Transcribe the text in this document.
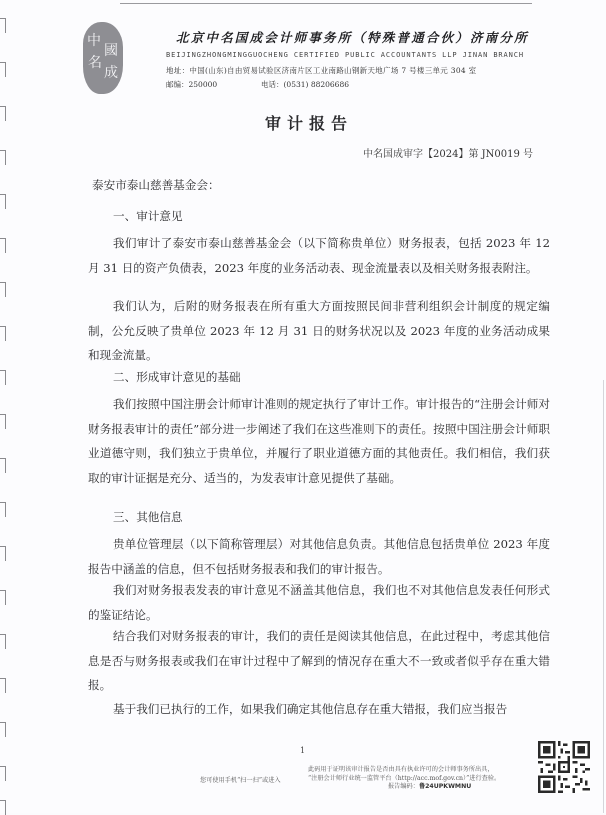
中
名
國
成
北京中名国成会计师事务所（特殊普通合伙）济南分所
BEIJINGZHONGMINGGUOCHENG CERTIFIED PUBLIC ACCOUNTANTS LLP JINAN BRANCH
地址：中国(山东)自由贸易试验区济南片区工业南路山钢新天地广场 7 号楼三单元 304 室
邮编：250000	电话：(0531) 88206686
审计报告
中名国成审字【2024】第 JN0019 号
泰安市泰山慈善基金会：
一、审计意见
我们审计了泰安市泰山慈善基金会（以下简称贵单位）财务报表，包括 2023 年 12 月 31 日的资产负债表，2023 年度的业务活动表、现金流量表以及相关财务报表附注。
我们认为，后附的财务报表在所有重大方面按照民间非营利组织会计制度的规定编制，公允反映了贵单位 2023 年 12 月 31 日的财务状况以及 2023 年度的业务活动成果和现金流量。
二、形成审计意见的基础
我们按照中国注册会计师审计准则的规定执行了审计工作。审计报告的“注册会计师对财务报表审计的责任”部分进一步阐述了我们在这些准则下的责任。按照中国注册会计师职业道德守则，我们独立于贵单位，并履行了职业道德方面的其他责任。我们相信，我们获取的审计证据是充分、适当的，为发表审计意见提供了基础。
三、其他信息
贵单位管理层（以下简称管理层）对其他信息负责。其他信息包括贵单位 2023 年度报告中涵盖的信息，但不包括财务报表和我们的审计报告。
我们对财务报表发表的审计意见不涵盖其他信息，我们也不对其他信息发表任何形式的鉴证结论。
结合我们对财务报表的审计，我们的责任是阅读其他信息，在此过程中，考虑其他信息是否与财务报表或我们在审计过程中了解到的情况存在重大不一致或者似乎存在重大错报。
基于我们已执行的工作，如果我们确定其他信息存在重大错报，我们应当报告
1
您可使用手机“扫一扫”或进入
此码用于证明该审计报告是否由具有执业许可的会计师事务所出具，
“注册会计师行业统一监管平台（http://acc.mof.gov.cn）”进行查验。
报告编码：鲁24UPKWMNU
